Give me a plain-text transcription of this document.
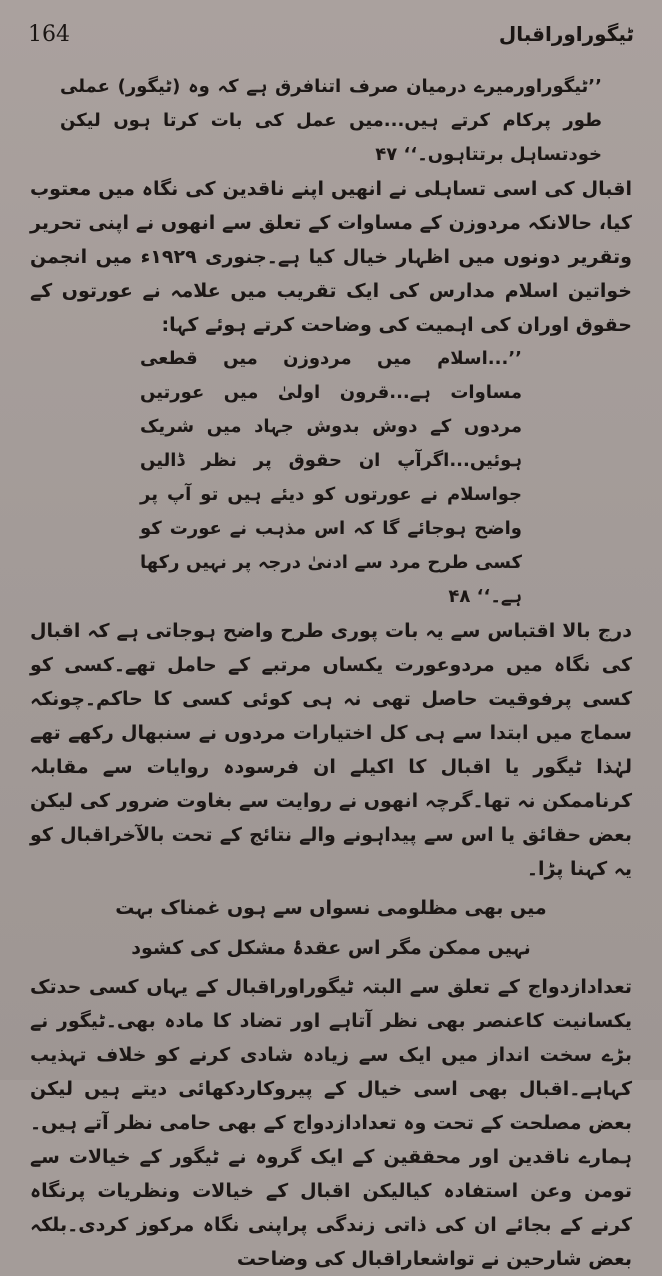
164	ٹیگوراوراقبال

’’ٹیگوراورمیرے درمیان صرف اتنافرق ہے کہ وہ (ٹیگور) عملی طور پرکام کرتے ہیں...میں عمل کی بات کرتا ہوں لیکن خودتساہل برتتاہوں۔‘‘ ۴۷

اقبال کی اسی تساہلی نے انھیں اپنے ناقدین کی نگاہ میں معتوب کیا، حالانکہ مردوزن کے مساوات کے تعلق سے انھوں نے اپنی تحریر وتقریر دونوں میں اظہار خیال کیا ہے۔جنوری ۱۹۲۹ء میں انجمن خواتین اسلام مدارس کی ایک تقریب میں علامہ نے عورتوں کے حقوق اوران کی اہمیت کی وضاحت کرتے ہوئے کہا:

’’...اسلام میں مردوزن میں قطعی مساوات ہے...قرون اولیٰ میں عورتیں مردوں کے دوش بدوش جہاد میں شریک ہوئیں...اگرآپ ان حقوق پر نظر ڈالیں جواسلام نے عورتوں کو دیئے ہیں تو آپ پر واضح ہوجائے گا کہ اس مذہب نے عورت کو کسی طرح مرد سے ادنیٰ درجہ پر نہیں رکھا ہے۔‘‘ ۴۸

درج بالا اقتباس سے یہ بات پوری طرح واضح ہوجاتی ہے کہ اقبال کی نگاہ میں مردوعورت یکساں مرتبے کے حامل تھے۔کسی کو کسی پرفوقیت حاصل تھی نہ ہی کوئی کسی کا حاکم۔چونکہ سماج میں ابتدا سے ہی کل اختیارات مردوں نے سنبھال رکھے تھے لہٰذا ٹیگور یا اقبال کا اکیلے ان فرسودہ روایات سے مقابلہ کرناممکن نہ تھا۔گرچہ انھوں نے روایت سے بغاوت ضرور کی لیکن بعض حقائق یا اس سے پیداہونے والے نتائج کے تحت بالآخراقبال کو یہ کہنا پڑا۔

میں بھی مظلومی نسواں سے ہوں غمناک بہت

نہیں ممکن مگر اس عقدۂ مشکل کی کشود

تعدادازدواج کے تعلق سے البتہ ٹیگوراوراقبال کے یہاں کسی حدتک یکسانیت کاعنصر بھی نظر آتاہے اور تضاد کا مادہ بھی۔ٹیگور نے بڑے سخت انداز میں ایک سے زیادہ شادی کرنے کو خلاف تہذیب کہاہے۔اقبال بھی اسی خیال کے پیروکاردکھائی دیتے ہیں لیکن بعض مصلحت کے تحت وہ تعدادازدواج کے بھی حامی نظر آتے ہیں۔ہمارے ناقدین اور محققین کے ایک گروہ نے ٹیگور کے خیالات سے تومن وعن استفادہ کیالیکن اقبال کے خیالات ونظریات پرنگاہ کرنے کے بجائے ان کی ذاتی زندگی پراپنی نگاہ مرکوز کردی۔بلکہ بعض شارحین نے تواشعاراقبال کی وضاحت
